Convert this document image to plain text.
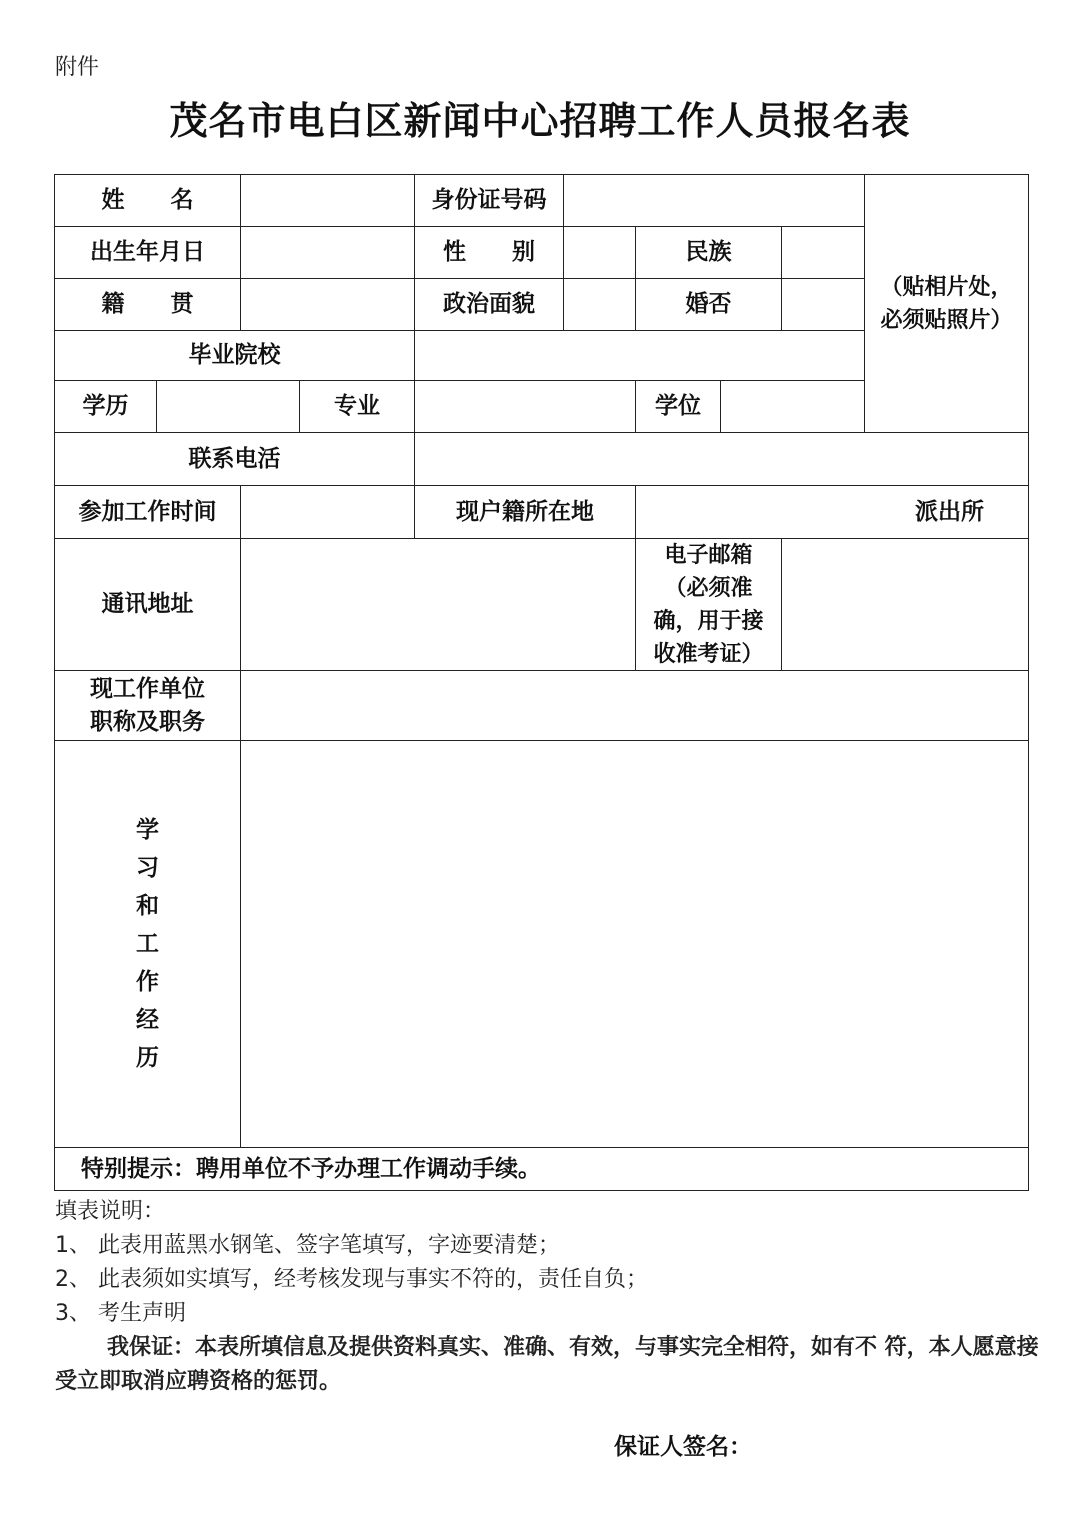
附件
茂名市电白区新闻中心招聘工作人员报名表
姓 名	身份证号码
（贴相片处，
必须贴照片）
出生年月日	性 别	民族
籍 贯	政治面貌	婚否
毕业院校
学历	专业	学位
联系电活
参加工作时间	现户籍所在地	派出所
通讯地址
电子邮箱
（必须准
确，用于接
收准考证）
现工作单位
职称及职务
学
习
和
工
作
经
历
特别提示：聘用单位不予办理工作调动手续。

填表说明：

1、 此表用蓝黑水钢笔、签字笔填写，字迹要清楚；

2、 此表须如实填写，经考核发现与事实不符的，责任自负；

3、 考生声明

我保证：本表所填信息及提供资料真实、准确、有效，与事实完全相符，如有不 符，本人愿意接受立即取消应聘资格的惩罚。

保证人签名：
